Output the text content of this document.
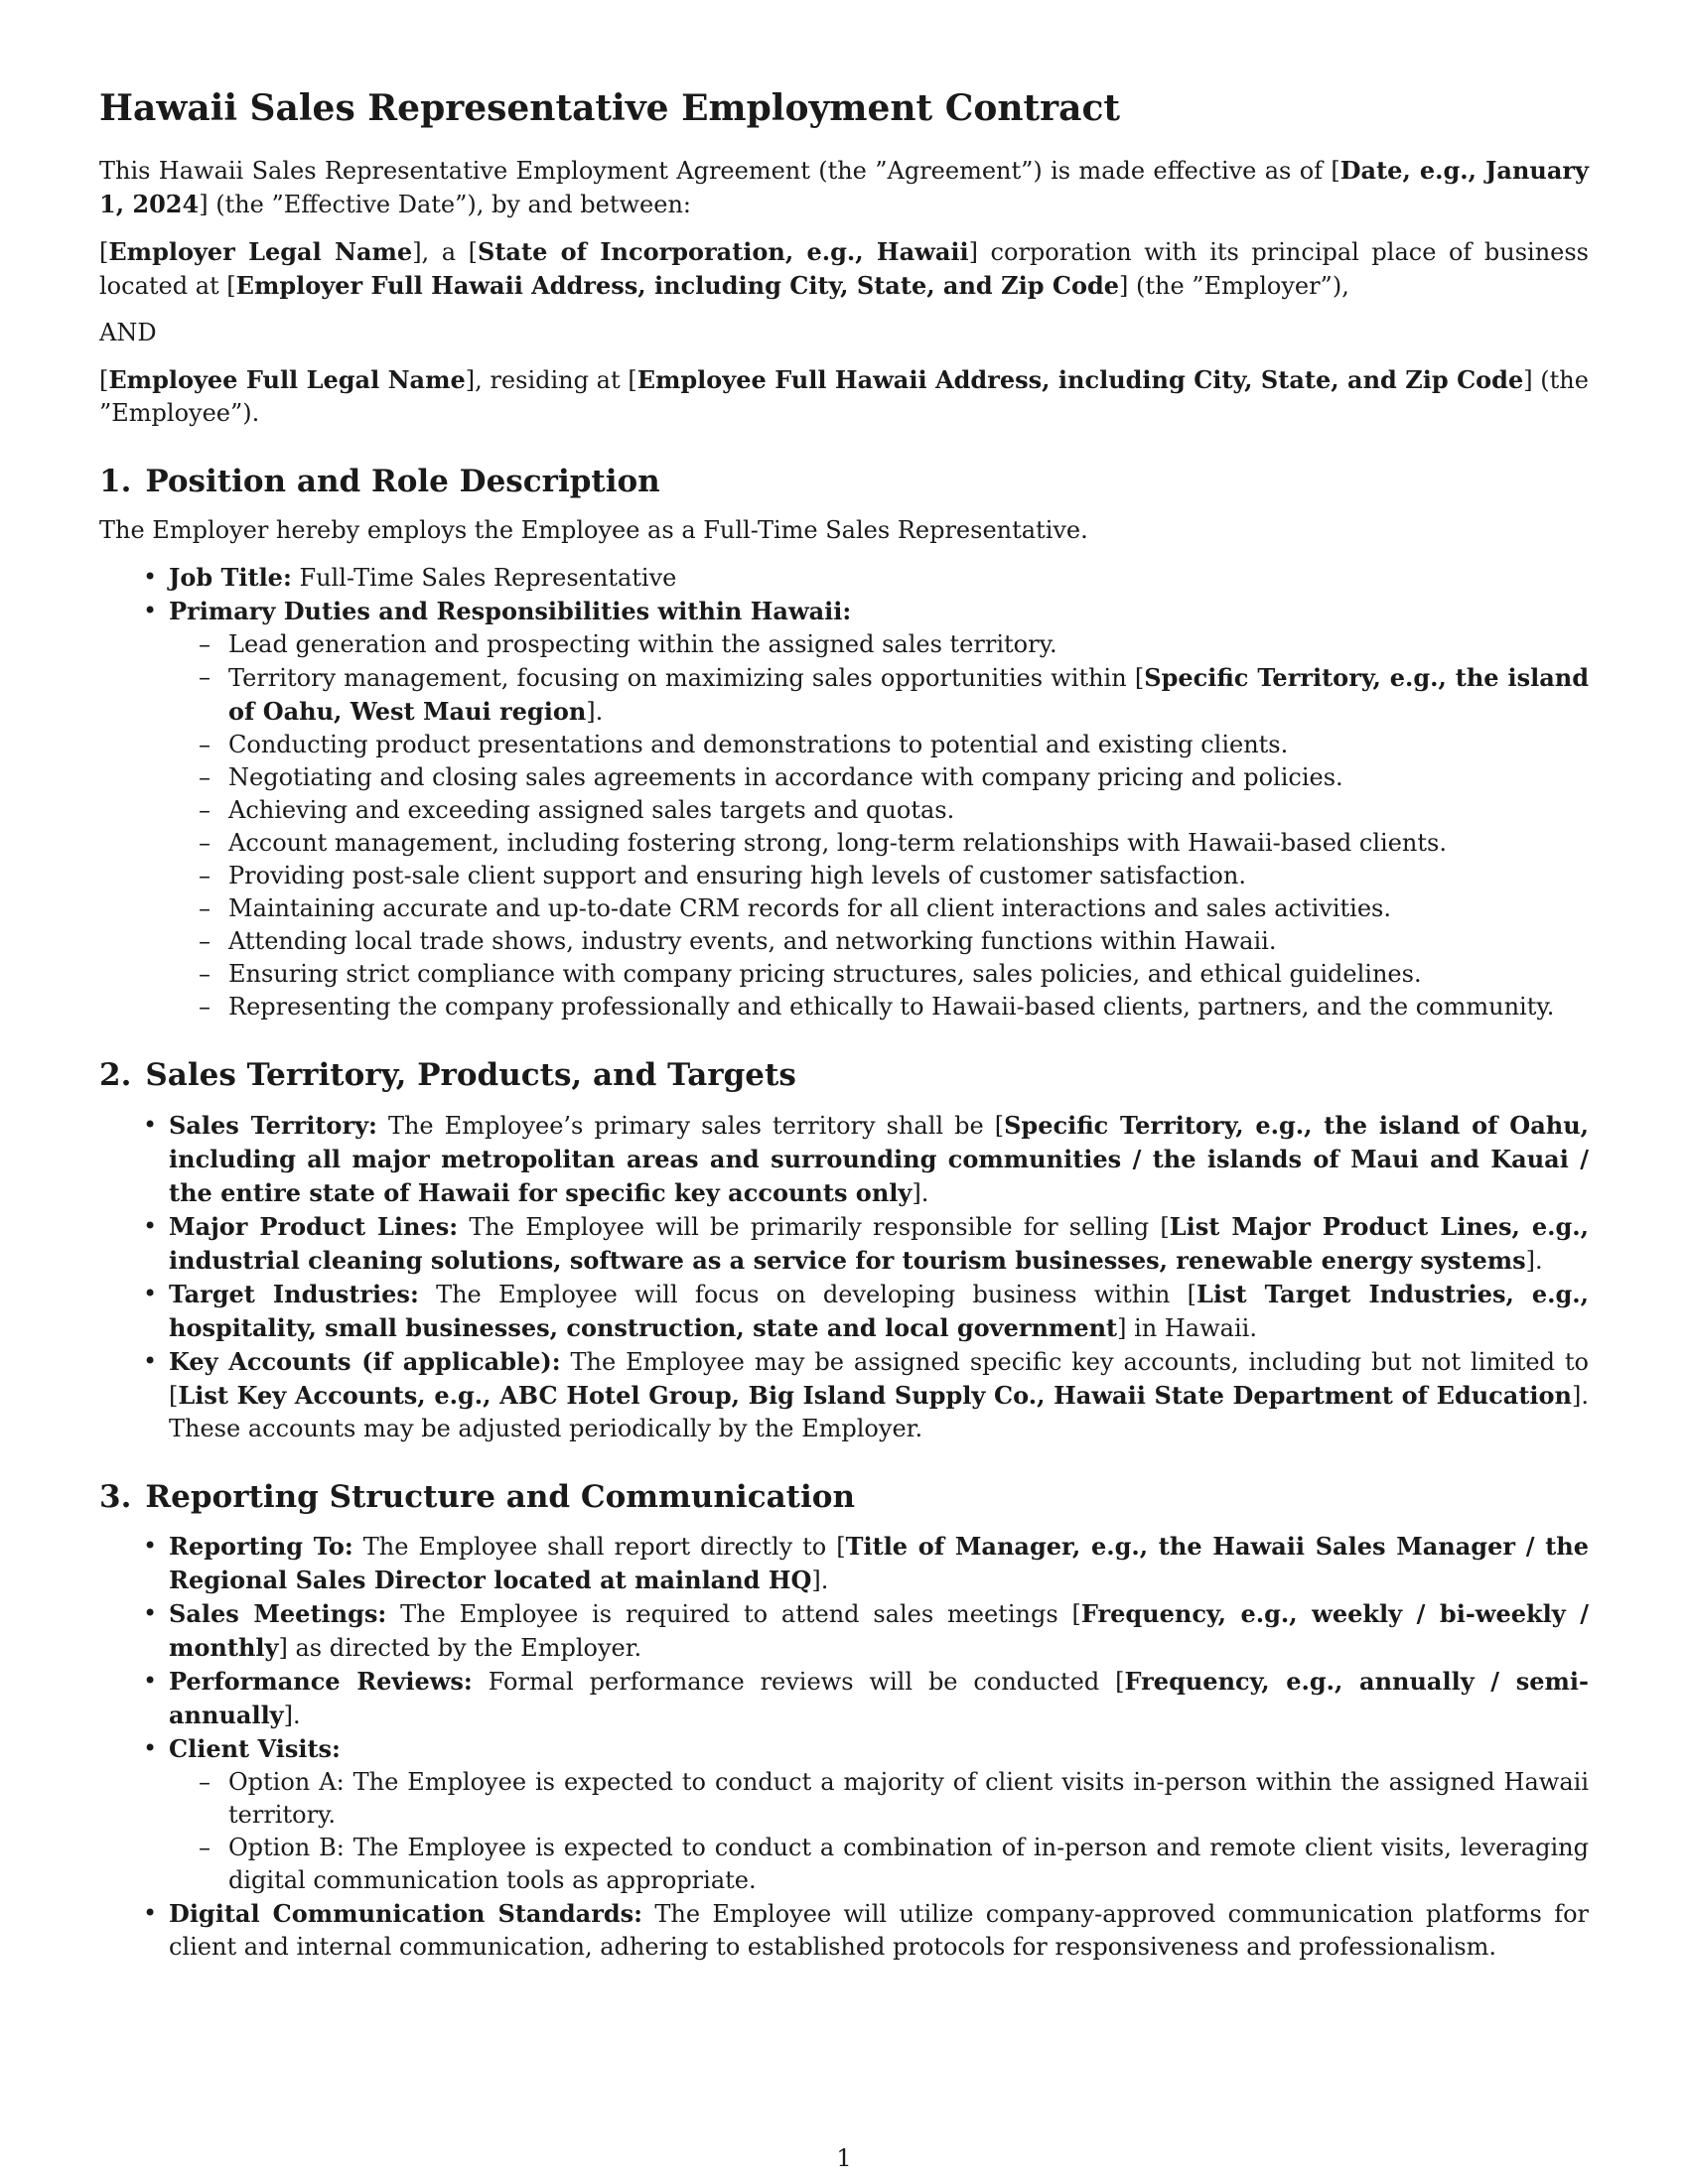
Hawaii Sales Representative Employment Contract

This Hawaii Sales Representative Employment Agreement (the ”Agreement”) is made effective as of [Date, e.g., January 1, 2024] (the ”Effective Date”), by and between:

[Employer Legal Name], a [State of Incorporation, e.g., Hawaii] corporation with its principal place of business located at [Employer Full Hawaii Address, including City, State, and Zip Code] (the ”Employer”),

AND

[Employee Full Legal Name], residing at [Employee Full Hawaii Address, including City, State, and Zip Code] (the ”Employee”).

1. Position and Role Description

The Employer hereby employs the Employee as a Full-Time Sales Representative.

• Job Title: Full-Time Sales Representative
• Primary Duties and Responsibilities within Hawaii:
– Lead generation and prospecting within the assigned sales territory.
– Territory management, focusing on maximizing sales opportunities within [Specific Territory, e.g., the island of Oahu, West Maui region].
– Conducting product presentations and demonstrations to potential and existing clients.
– Negotiating and closing sales agreements in accordance with company pricing and policies.
– Achieving and exceeding assigned sales targets and quotas.
– Account management, including fostering strong, long-term relationships with Hawaii-based clients.
– Providing post-sale client support and ensuring high levels of customer satisfaction.
– Maintaining accurate and up-to-date CRM records for all client interactions and sales activities.
– Attending local trade shows, industry events, and networking functions within Hawaii.
– Ensuring strict compliance with company pricing structures, sales policies, and ethical guidelines.
– Representing the company professionally and ethically to Hawaii-based clients, partners, and the community.
2. Sales Territory, Products, and Targets
• Sales Territory: The Employee’s primary sales territory shall be [Specific Territory, e.g., the island of Oahu, including all major metropolitan areas and surrounding communities / the islands of Maui and Kauai / the entire state of Hawaii for specific key accounts only].
• Major Product Lines: The Employee will be primarily responsible for selling [List Major Product Lines, e.g., industrial cleaning solutions, software as a service for tourism businesses, renewable energy systems].
• Target Industries: The Employee will focus on developing business within [List Target Industries, e.g., hospitality, small businesses, construction, state and local government] in Hawaii.
• Key Accounts (if applicable): The Employee may be assigned specific key accounts, including but not limited to [List Key Accounts, e.g., ABC Hotel Group, Big Island Supply Co., Hawaii State Department of Education]. These accounts may be adjusted periodically by the Employer.
3. Reporting Structure and Communication
• Reporting To: The Employee shall report directly to [Title of Manager, e.g., the Hawaii Sales Manager / the Regional Sales Director located at mainland HQ].
• Sales Meetings: The Employee is required to attend sales meetings [Frequency, e.g., weekly / bi-weekly / monthly] as directed by the Employer.
• Performance Reviews: Formal performance reviews will be conducted [Frequency, e.g., annually / semi-annually].
• Client Visits:
– Option A: The Employee is expected to conduct a majority of client visits in-person within the assigned Hawaii territory.
– Option B: The Employee is expected to conduct a combination of in-person and remote client visits, leveraging digital communication tools as appropriate.
• Digital Communication Standards: The Employee will utilize company-approved communication platforms for client and internal communication, adhering to established protocols for responsiveness and professionalism.
1
